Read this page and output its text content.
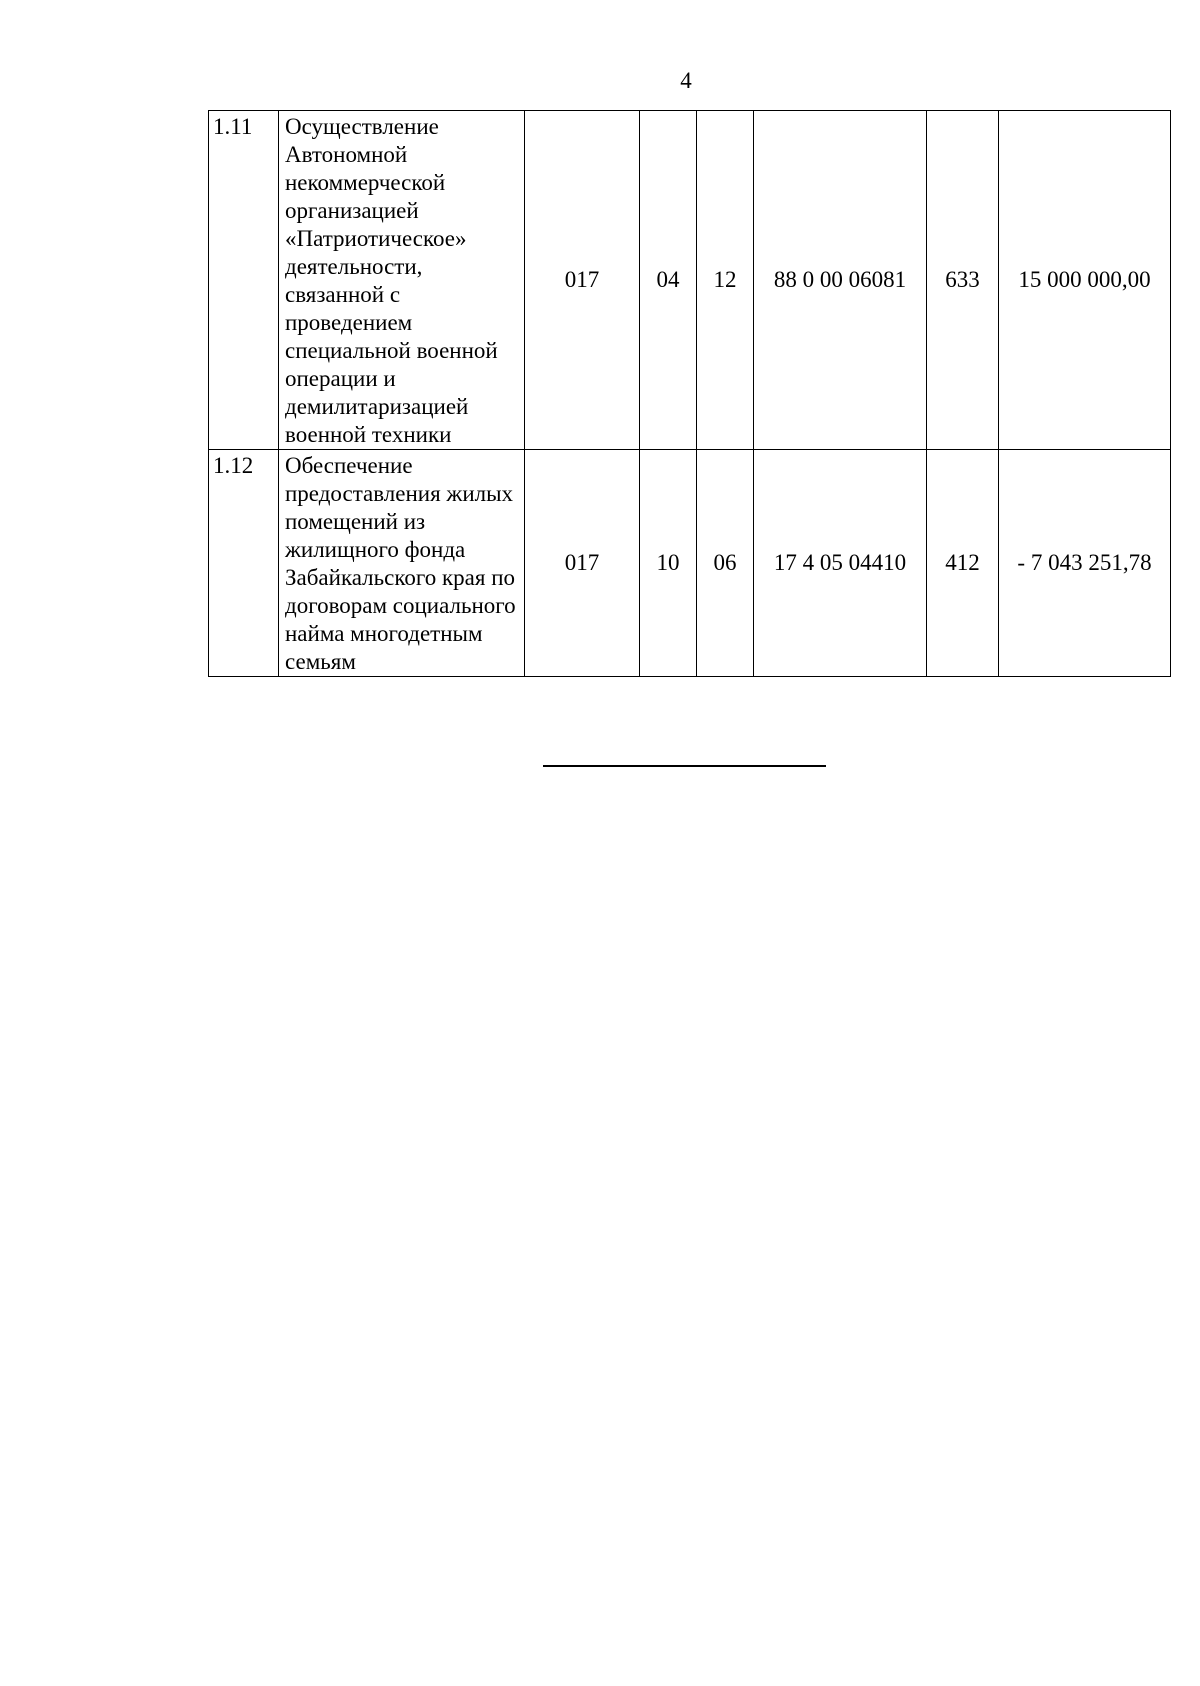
4
1.11	Осуществление Автономной некоммерческой организацией «Патриотическое» деятельности, связанной с проведением специальной военной операции и демилитаризацией военной техники	017	04	12	88 0 00 06081	633	15 000 000,00
1.12	Обеспечение предоставления жилых помещений из жилищного фонда Забайкальского края по договорам социального найма многодетным семьям	017	10	06	17 4 05 04410	412	- 7 043 251,78
